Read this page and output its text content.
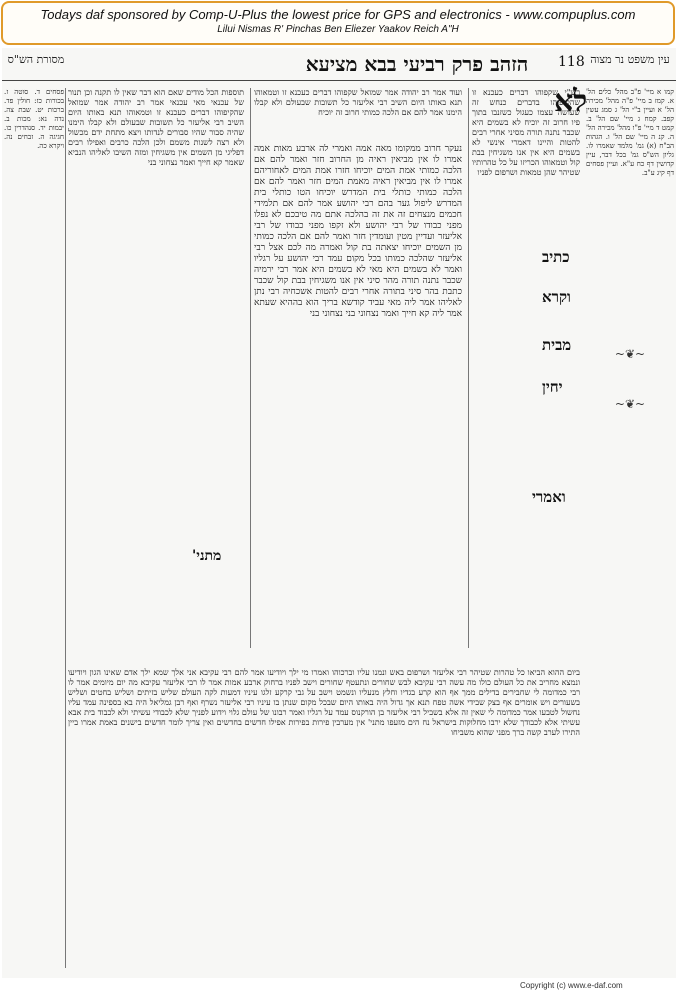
Todays daf sponsored by Comp-U-Plus the lowest price for GPS and electronics - www.compuplus.com
Lilui Nismas R' Pinchas Ben Eliezer Yaakov Reich A"H
עין משפט נר מצוה
118
הזהב פרק רביעי בבא מציעא
מסורת הש"ס
לא
קמו א מיי' פ"ב מהל' כלים הל' א. קמז ב מיי' פ"ה מהל' מכירה הל' א ועיין ב"י הל' ג סמג עשין קפב. קמח ג מיי' שם הל' ב. קמט ד מיי' פ"ו מהל' מכירה הל' ה. קנ ה מיי' שם הל' ו. הגהות הב"ח (א) גמ' מלמד שאמרו לו. גליון הש"ס גמ' בכל דבר, עיין קדושין דף כח ע"א. ועיין פסחים דף קיג ע"ב.
~❦~
~❦~
רש"י שקפוהו דברים כעכנא זו שהקיפוהו בדברים כנחש זה שעושה עצמו כעגול כשזנבו בתוך פיו חרוב זה יוכיח לא בשמים היא שכבר נתנה תורה מסיני אחרי רבים להטות והיינו דאמרי אינשי לא בשמים היא אין אנו משגיחין בבת קול וטמאוהו הכריזו על כל טהרותיו שטיהר שהן טמאות ושרפום לפניו
ועוד אמר רב יהודה אמר שמואל שקפוהו דברים כעכנא זו וטמאוהו תנא באותו היום השיב רבי אליעזר כל תשובות שבעולם ולא קבלו הימנו אמר להם אם הלכה כמותי חרוב זה יוכיח
נעקר חרוב ממקומו מאה אמה ואמרי לה ארבע מאות אמה אמרו לו אין מביאין ראיה מן החרוב חזר ואמר להם אם הלכה כמותי אמת המים יוכיחו חזרו אמת המים לאחוריהם אמרו לו אין מביאין ראיה מאמת המים חזר ואמר להם אם הלכה כמותי כותלי בית המדרש יוכיחו הטו כותלי בית המדרש ליפול גער בהם רבי יהושע אמר להם אם תלמידי חכמים מנצחים זה את זה בהלכה אתם מה טיבכם לא נפלו מפני כבודו של רבי יהושע ולא זקפו מפני כבודו של רבי אליעזר ועדיין מטין ועומדין חזר ואמר להם אם הלכה כמותי מן השמים יוכיחו יצאתה בת קול ואמרה מה לכם אצל רבי אליעזר שהלכה כמותו בכל מקום עמד רבי יהושע על רגליו ואמר לא בשמים היא מאי לא בשמים היא אמר רבי ירמיה שכבר נתנה תורה מהר סיני אין אנו משגיחין בבת קול שכבר כתבת בהר סיני בתורה אחרי רבים להטות אשכחיה רבי נתן לאליהו אמר ליה מאי עביד קודשא בריך הוא בההיא שעתא אמר ליה קא חייך ואמר נצחוני בני נצחוני בני
תוספות הכל מודים שאם הוא דבר שאין לו תקנה וכן תנור של עכנאי מאי עכנאי אמר רב יהודה אמר שמואל שהקיפוהו דברים כעכנא זו וטמאוהו תנא באותו היום השיב רבי אליעזר כל תשובות שבעולם ולא קבלו הימנו שהיה סבור שהיו סבורים לנדותו ויצא מתחת ידם מכשול ולא רצה לשנות משמם ולכן הלכה כרבים ואפילו רבים דפליגי מן השמים אין משגיחין ומזה השיבו לאליהו הנביא שאמר קא חייך ואמר נצחוני בני
פסחים ד. סוטה ז. בכורות כז: חולין פד. ברכות יט. שבת צה. נדה נא: מכות ב. יבמות יד. סנהדרין כו. חגיגה ה. זבחים נה. ויקרא כה.
כתיב
וקרא
מבית
יחין
ואמרי
מתני'
ביום ההוא הביאו כל טהרות שטיהר רבי אליעזר ושרפום באש ונמנו עליו וברכוהו ואמרו מי ילך ויודיעו אמר להם רבי עקיבא אני אלך שמא ילך אדם שאינו הגון ויודיעו ונמצא מחריב את כל העולם כולו מה עשה רבי עקיבא לבש שחורים ונתעטף שחורים וישב לפניו ברחוק ארבע אמות אמר לו רבי אליעזר עקיבא מה יום מיומים אמר לו רבי כמדומה לי שחבירים בדילים ממך אף הוא קרע בגדיו וחלץ מנעליו ונשמט וישב על גבי קרקע זלגו עיניו דמעות לקה העולם שליש בזיתים ושליש בחטים ושליש בשעורים ויש אומרים אף בצק שבידי אשה טפח תנא אך גדול היה באותו היום שבכל מקום שנתן בו עיניו רבי אליעזר נשרף ואף רבן גמליאל היה בא בספינה עמד עליו נחשול לטבעו אמר כמדומה לי שאין זה אלא בשביל רבי אליעזר בן הורקנוס עמד על רגליו ואמר רבונו של עולם גלוי וידוע לפניך שלא לכבודי עשיתי ולא לכבוד בית אבא עשיתי אלא לכבודך שלא ירבו מחלוקות בישראל נח הים מזעפו מתני' אין מערבין פירות בפירות אפילו חדשים בחדשים ואין צריך לומר חדשים בישנים באמת אמרו ביין התירו לערב קשה ברך מפני שהוא משביחו
Copyright (c) www.e-daf.com
